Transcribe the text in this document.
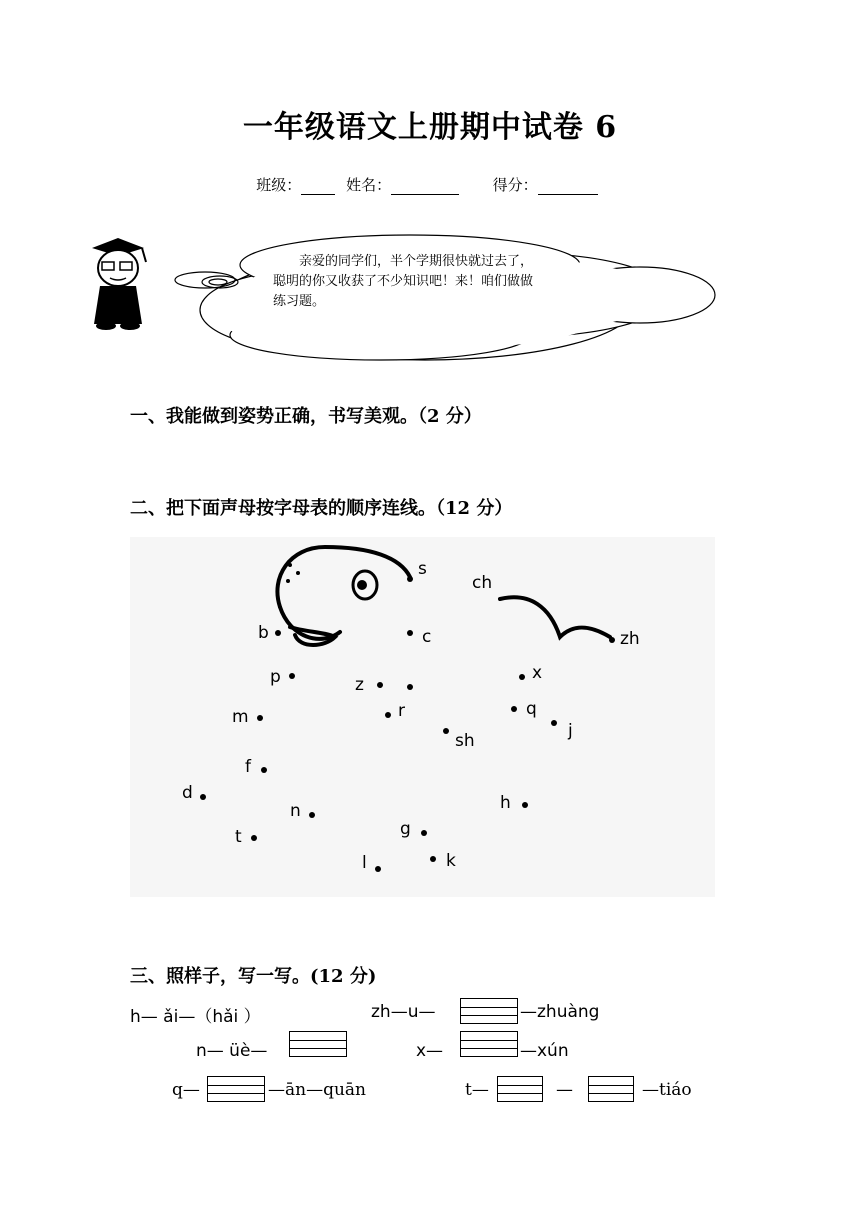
一年级语文上册期中试卷 6
班级：	姓名：	得分：
亲爱的同学们，半个学期很快就过去了，
聪明的你又收获了不少知识吧！来！咱们做做
练习题。
一、我能做到姿势正确，书写美观。（2 分）
二、把下面声母按字母表的顺序连线。（12 分）
s
ch
zh
b	c
p	z
x
m	r	q
j
sh
f
d	h
n
g
t
l	k
三、照样子，写一写。(12 分)
h— ǎi—（hǎi ）	zh—u—	—zhuàng
n— üè—	x—	—xún
q—	—ān—quān	t—	—	—tiáo
